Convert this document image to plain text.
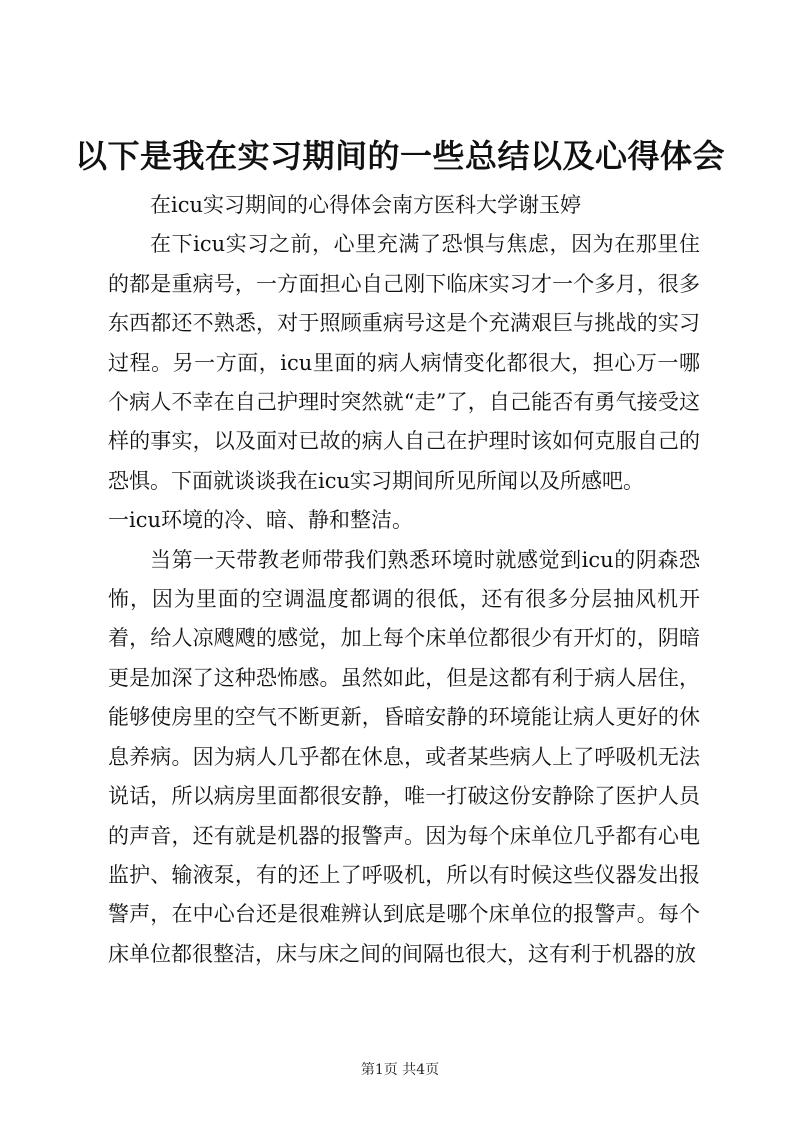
以下是我在实习期间的一些总结以及心得体会

在icu实习期间的心得体会南方医科大学谢玉婷

在下icu实习之前，心里充满了恐惧与焦虑，因为在那里住的都是重病号，一方面担心自己刚下临床实习才一个多月，很多东西都还不熟悉，对于照顾重病号这是个充满艰巨与挑战的实习过程。另一方面，icu里面的病人病情变化都很大，担心万一哪个病人不幸在自己护理时突然就“走”了，自己能否有勇气接受这样的事实，以及面对已故的病人自己在护理时该如何克服自己的恐惧。下面就谈谈我在icu实习期间所见所闻以及所感吧。

一icu环境的冷、暗、静和整洁。

当第一天带教老师带我们熟悉环境时就感觉到icu的阴森恐怖，因为里面的空调温度都调的很低，还有很多分层抽风机开着，给人凉飕飕的感觉，加上每个床单位都很少有开灯的，阴暗更是加深了这种恐怖感。虽然如此，但是这都有利于病人居住，能够使房里的空气不断更新，昏暗安静的环境能让病人更好的休息养病。因为病人几乎都在休息，或者某些病人上了呼吸机无法说话，所以病房里面都很安静，唯一打破这份安静除了医护人员的声音，还有就是机器的报警声。因为每个床单位几乎都有心电监护、输液泵，有的还上了呼吸机，所以有时候这些仪器发出报警声，在中心台还是很难辨认到底是哪个床单位的报警声。每个床单位都很整洁，床与床之间的间隔也很大，这有利于机器的放

第1页 共4页
